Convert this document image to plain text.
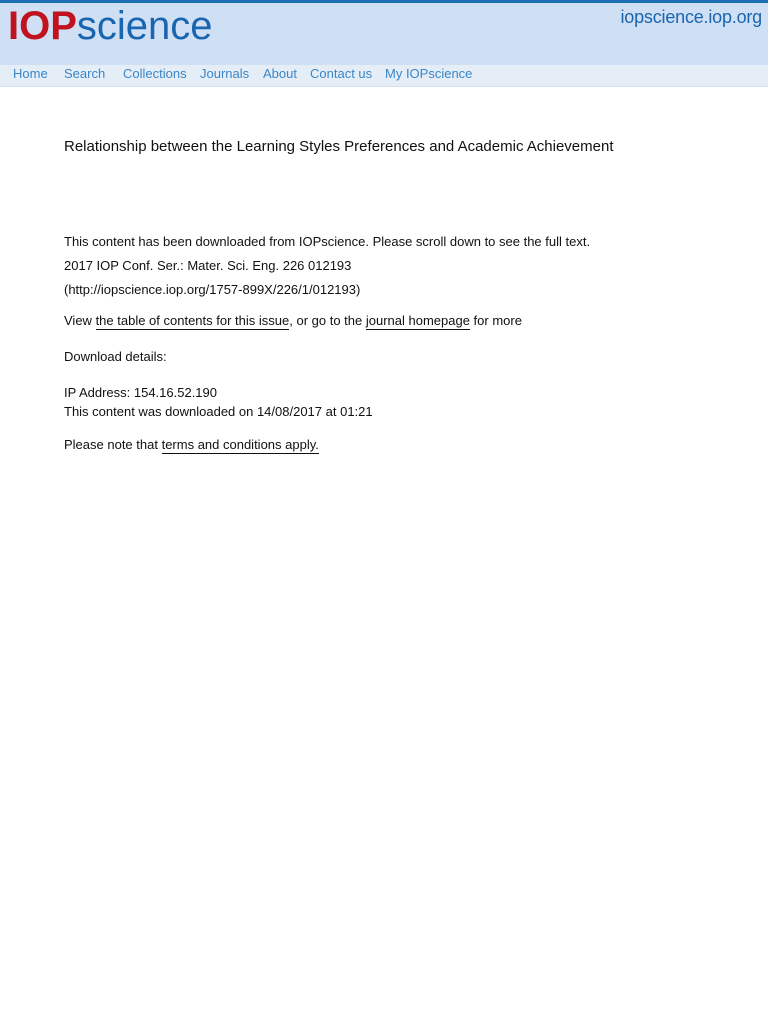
IOPscience	iopscience.iop.org
Home Search Collections Journals About Contact us My IOPscience
Relationship between the Learning Styles Preferences and Academic Achievement
This content has been downloaded from IOPscience. Please scroll down to see the full text.
2017 IOP Conf. Ser.: Mater. Sci. Eng. 226 012193
(http://iopscience.iop.org/1757-899X/226/1/012193)
View the table of contents for this issue, or go to the journal homepage for more
Download details:
IP Address: 154.16.52.190
This content was downloaded on 14/08/2017 at 01:21
Please note that terms and conditions apply.
